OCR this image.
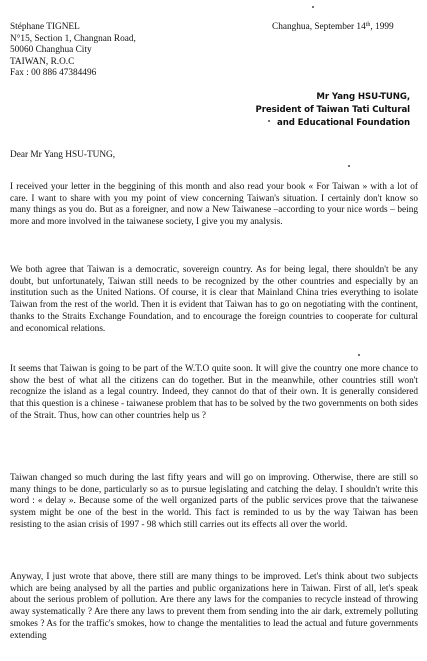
Stéphane TIGNEL
N°15, Section 1, Changnan Road,
50060 Changhua City
TAIWAN, R.O.C
Fax : 00 886 47384496
Changhua, September 14th, 1999
Mr Yang HSU-TUNG,
President of Taiwan Tati Cultural
and Educational Foundation
Dear Mr Yang HSU-TUNG,
I received your letter in the beggining of this month and also read your book « For Taiwan » with a lot of care. I want to share with you my point of view concerning Taiwan's situation. I certainly don't know so many things as you do. But as a foreigner, and now a New Taiwanese –according to your nice words – being more and more involved in the taiwanese society, I give you my analysis.
We both agree that Taiwan is a democratic, sovereign country. As for being legal, there shouldn't be any doubt, but unfortunately, Taiwan still needs to be recognized by the other countries and especially by an institution such as the United Nations. Of course, it is clear that Mainland China tries everything to isolate Taiwan from the rest of the world. Then it is evident that Taiwan has to go on negotiating with the continent, thanks to the Straits Exchange Foundation, and to encourage the foreign countries to cooperate for cultural and economical relations.
It seems that Taiwan is going to be part of the W.T.O quite soon. It will give the country one more chance to show the best of what all the citizens can do together. But in the meanwhile, other countries still won't recognize the island as a legal country. Indeed, they cannot do that of their own. It is generally considered that this question is a chinese - taiwanese problem that has to be solved by the two governments on both sides of the Strait. Thus, how can other countries help us ?
Taiwan changed so much during the last fifty years and will go on improving. Otherwise, there are still so many things to be done, particularly so as to pursue legislating and catching the delay. I shouldn't write this word : « delay ». Because some of the well organized parts of the public services prove that the taiwanese system might be one of the best in the world. This fact is reminded to us by the way Taiwan has been resisting to the asian crisis of 1997 - 98 which still carries out its effects all over the world.
Anyway, I just wrote that above, there still are many things to be improved. Let's think about two subjects which are being analysed by all the parties and public organizations here in Taiwan. First of all, let's speak about the serious problem of pollution. Are there any laws for the companies to recycle instead of throwing away systematically ? Are there any laws to prevent them from sending into the air dark, extremely polluting smokes ? As for the traffic's smokes, how to change the mentalities to lead the actual and future governments extending
